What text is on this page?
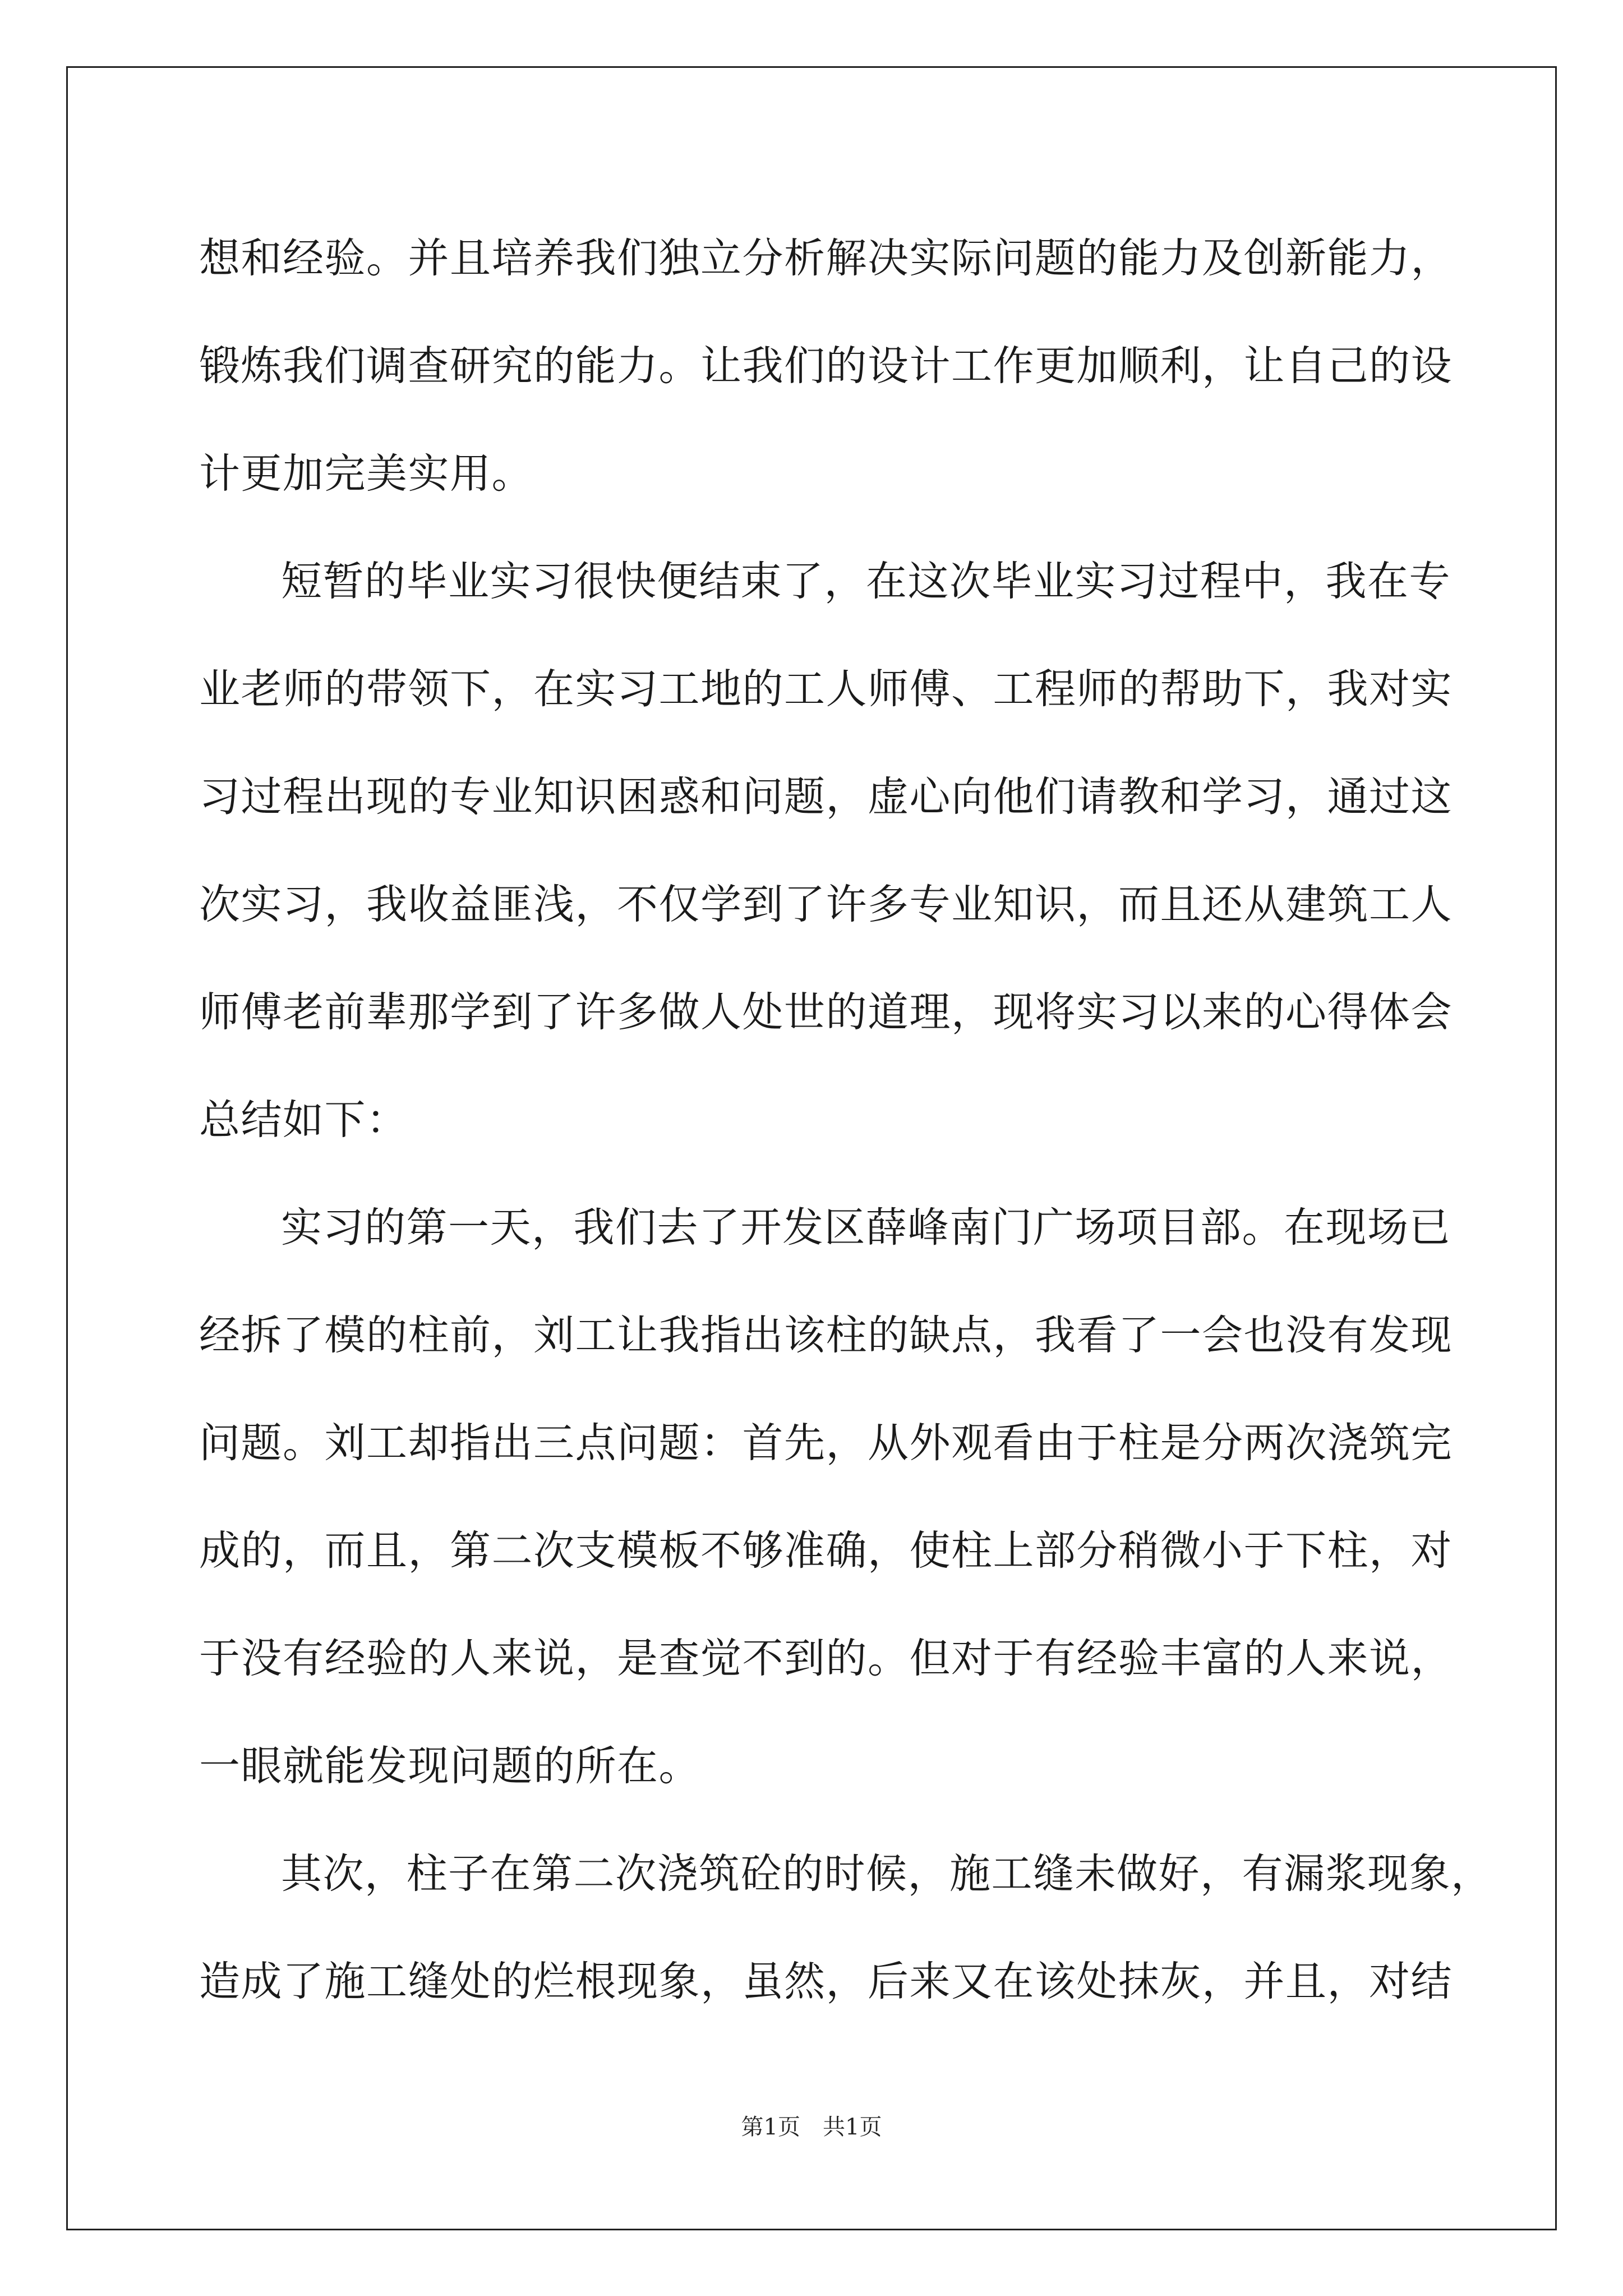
想和经验。并且培养我们独立分析解决实际问题的能力及创新能力，
锻炼我们调查研究的能力。让我们的设计工作更加顺利，让自己的设
计更加完美实用。
短暂的毕业实习很快便结束了，在这次毕业实习过程中，我在专
业老师的带领下，在实习工地的工人师傅、工程师的帮助下，我对实
习过程出现的专业知识困惑和问题，虚心向他们请教和学习，通过这
次实习，我收益匪浅，不仅学到了许多专业知识，而且还从建筑工人
师傅老前辈那学到了许多做人处世的道理，现将实习以来的心得体会
总结如下：
实习的第一天，我们去了开发区薛峰南门广场项目部。在现场已
经拆了模的柱前，刘工让我指出该柱的缺点，我看了一会也没有发现
问题。刘工却指出三点问题：首先，从外观看由于柱是分两次浇筑完
成的，而且，第二次支模板不够准确，使柱上部分稍微小于下柱，对
于没有经验的人来说，是查觉不到的。但对于有经验丰富的人来说，
一眼就能发现问题的所在。
其次，柱子在第二次浇筑砼的时候，施工缝未做好，有漏浆现象，
造成了施工缝处的烂根现象，虽然，后来又在该处抹灰，并且，对结
第1页　共1页
